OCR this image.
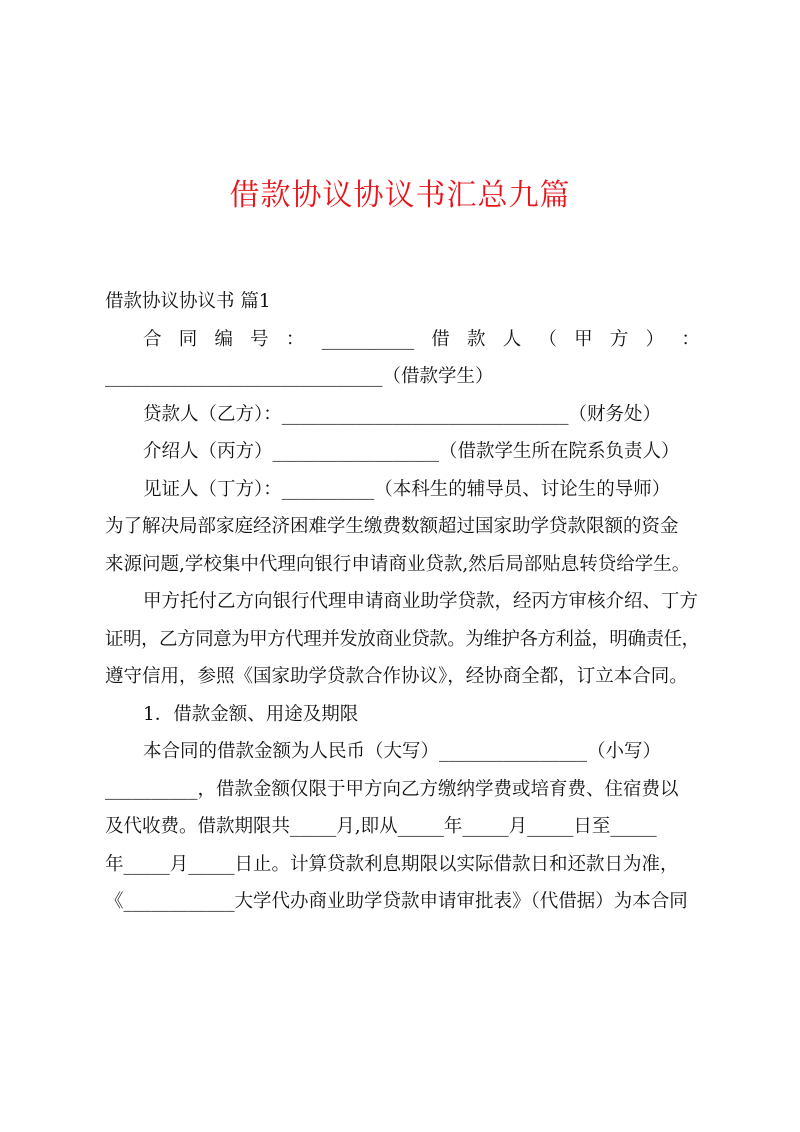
借款协议协议书汇总九篇
借款协议协议书 篇1
合 同 编 号 ： __________ 借 款 人 （ 甲 方 ） ：
______________________________（借款学生）
贷款人（乙方）：_______________________________（财务处）
介绍人（丙方）__________________（借款学生所在院系负责人）
见证人（丁方）：__________（本科生的辅导员、讨论生的导师）
为了解决局部家庭经济困难学生缴费数额超过国家助学贷款限额的资金
来源问题,学校集中代理向银行申请商业贷款,然后局部贴息转贷给学生。
甲方托付乙方向银行代理申请商业助学贷款，经丙方审核介绍、丁方
证明，乙方同意为甲方代理并发放商业贷款。为维护各方利益，明确责任，
遵守信用，参照《国家助学贷款合作协议》，经协商全都，订立本合同。
1．借款金额、用途及期限
本合同的借款金额为人民币（大写）________________（小写）
__________，借款金额仅限于甲方向乙方缴纳学费或培育费、住宿费以
及代收费。借款期限共_____月,即从_____年_____月_____日至_____
年_____月_____日止。计算贷款利息期限以实际借款日和还款日为准，
《____________大学代办商业助学贷款申请审批表》（代借据）为本合同
